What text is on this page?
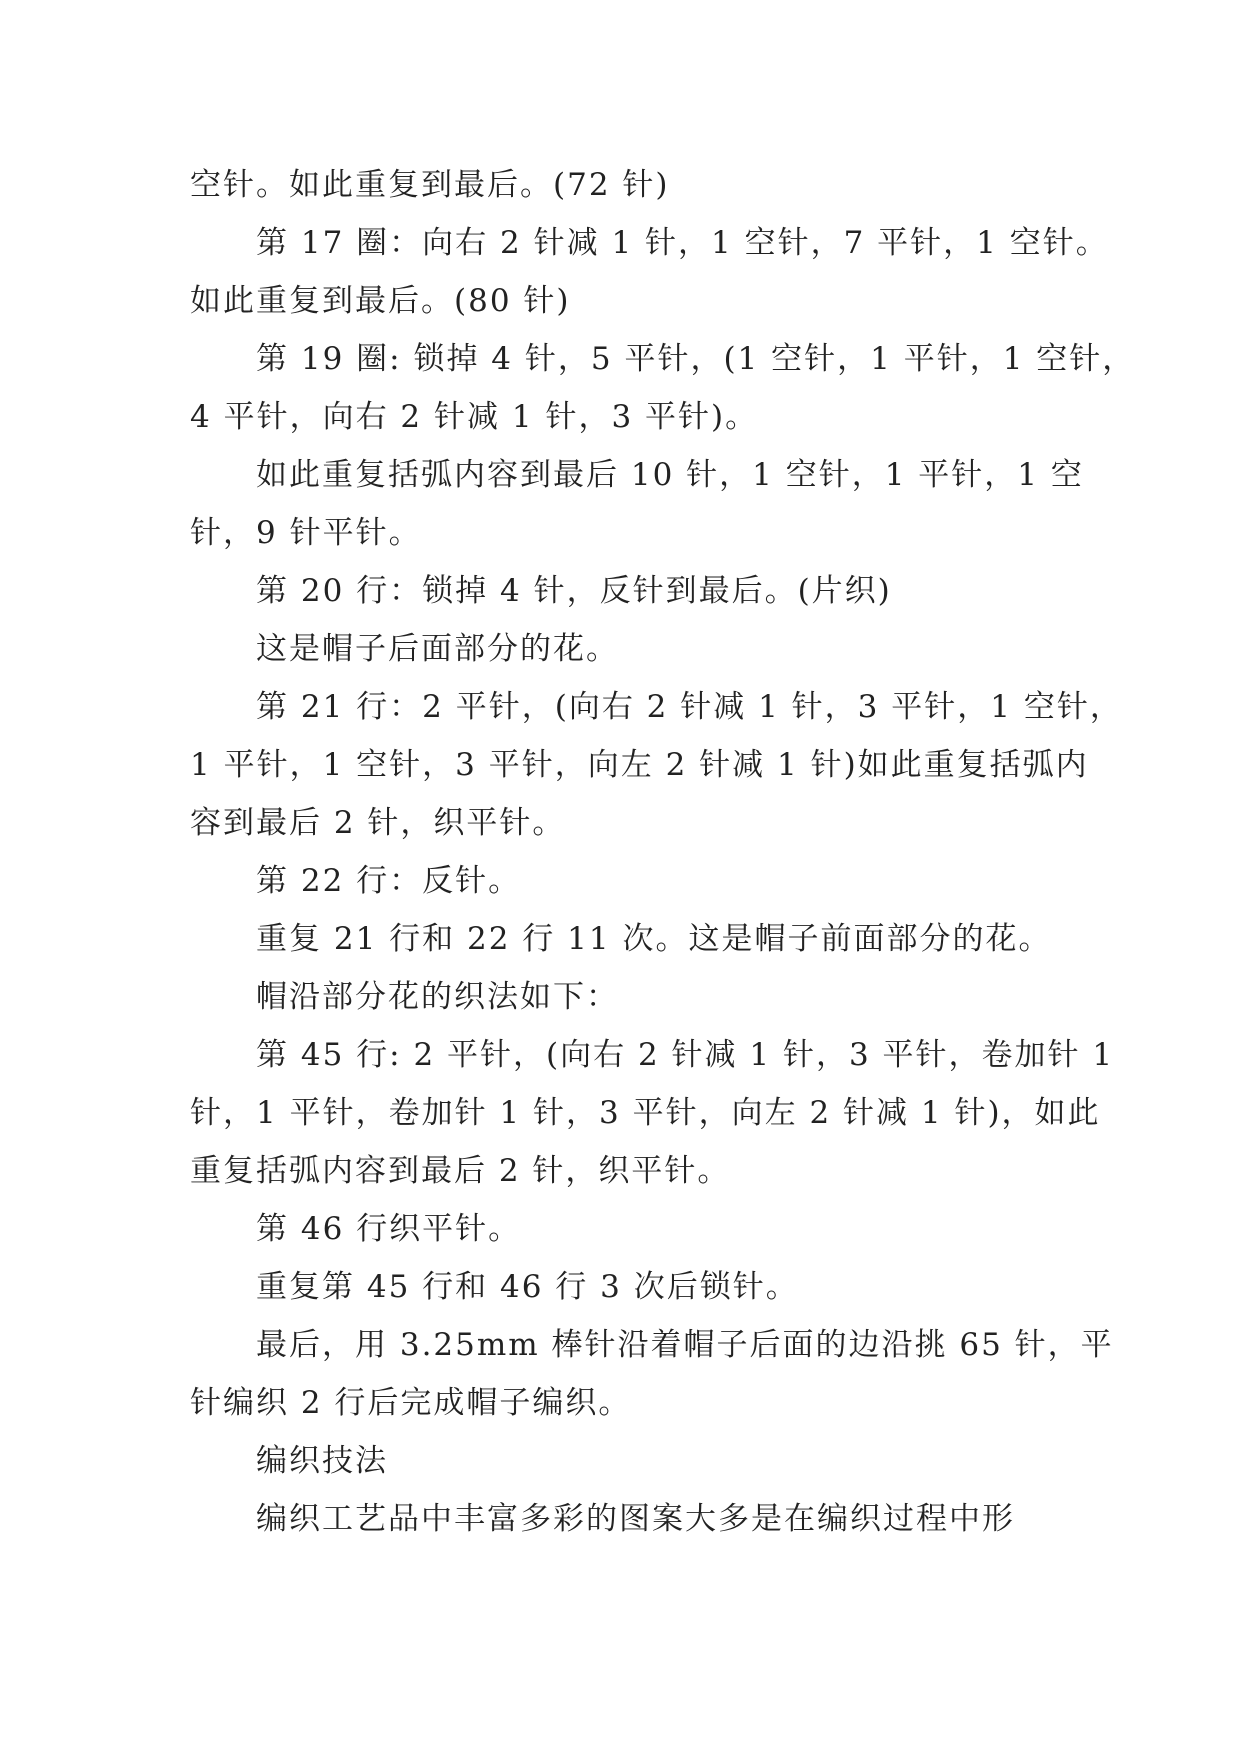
空针。如此重复到最后。(72 针)
第 17 圈：向右 2 针减 1 针，1 空针，7 平针，1 空针。
如此重复到最后。(80 针)
第 19 圈: 锁掉 4 针，5 平针，(1 空针，1 平针，1 空针，
4 平针，向右 2 针减 1 针，3 平针)。
如此重复括弧内容到最后 10 针，1 空针，1 平针，1 空
针，9 针平针。
第 20 行：锁掉 4 针，反针到最后。(片织)
这是帽子后面部分的花。
第 21 行：2 平针，(向右 2 针减 1 针，3 平针，1 空针，
1 平针，1 空针，3 平针，向左 2 针减 1 针)如此重复括弧内
容到最后 2 针，织平针。
第 22 行：反针。
重复 21 行和 22 行 11 次。这是帽子前面部分的花。
帽沿部分花的织法如下：
第 45 行: 2 平针，(向右 2 针减 1 针，3 平针，卷加针 1
针，1 平针，卷加针 1 针，3 平针，向左 2 针减 1 针)，如此
重复括弧内容到最后 2 针，织平针。
第 46 行织平针。
重复第 45 行和 46 行 3 次后锁针。
最后，用 3.25mm 棒针沿着帽子后面的边沿挑 65 针，平
针编织 2 行后完成帽子编织。
编织技法
编织工艺品中丰富多彩的图案大多是在编织过程中形
